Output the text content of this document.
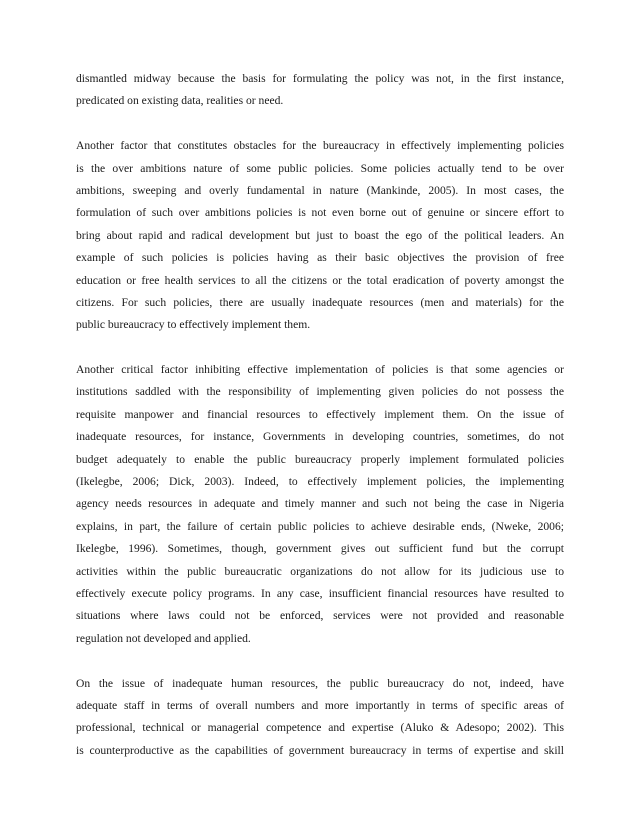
dismantled midway because the basis for formulating the policy was not, in the first instance,
predicated on existing data, realities or need.
Another factor that constitutes obstacles for the bureaucracy in effectively implementing policies
is the over ambitions nature of some public policies. Some policies actually tend to be over
ambitions, sweeping and overly fundamental in nature (Mankinde, 2005). In most cases, the
formulation of such over ambitions policies is not even borne out of genuine or sincere effort to
bring about rapid and radical development but just to boast the ego of the political leaders. An
example of such policies is policies having as their basic objectives the provision of free
education or free health services to all the citizens or the total eradication of poverty amongst the
citizens. For such policies, there are usually inadequate resources (men and materials) for the
public bureaucracy to effectively implement them.
Another critical factor inhibiting effective implementation of policies is that some agencies or
institutions saddled with the responsibility of implementing given policies do not possess the
requisite manpower and financial resources to effectively implement them. On the issue of
inadequate resources, for instance, Governments in developing countries, sometimes, do not
budget adequately to enable the public bureaucracy properly implement formulated policies
(Ikelegbe, 2006; Dick, 2003). Indeed, to effectively implement policies, the implementing
agency needs resources in adequate and timely manner and such not being the case in Nigeria
explains, in part, the failure of certain public policies to achieve desirable ends, (Nweke, 2006;
Ikelegbe, 1996). Sometimes, though, government gives out sufficient fund but the corrupt
activities within the public bureaucratic organizations do not allow for its judicious use to
effectively execute policy programs. In any case, insufficient financial resources have resulted to
situations where laws could not be enforced, services were not provided and reasonable
regulation not developed and applied.
On the issue of inadequate human resources, the public bureaucracy do not, indeed, have
adequate staff in terms of overall numbers and more importantly in terms of specific areas of
professional, technical or managerial competence and expertise (Aluko & Adesopo; 2002). This
is counterproductive as the capabilities of government bureaucracy in terms of expertise and skill
